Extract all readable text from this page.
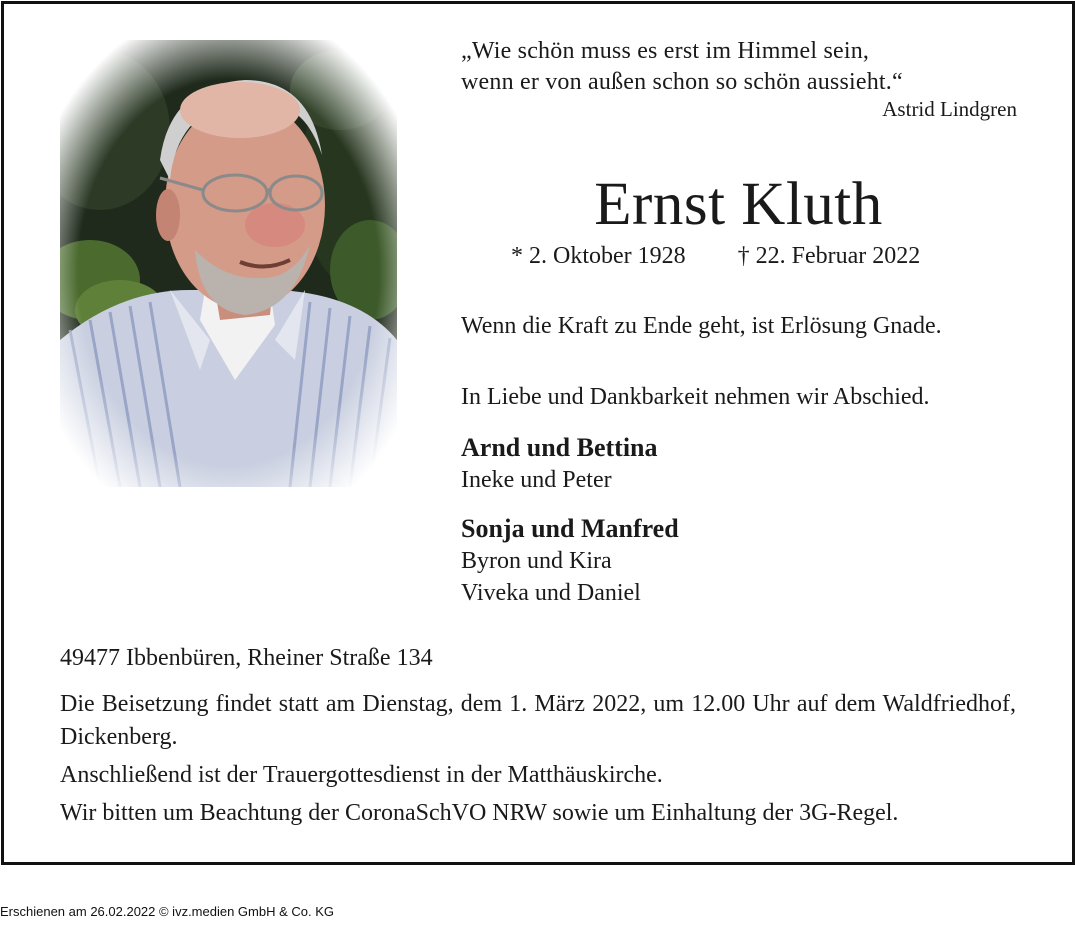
„Wie schön muss es erst im Himmel sein,
wenn er von außen schon so schön aussieht.“
Astrid Lindgren
Ernst Kluth
* 2. Oktober 1928 † 22. Februar 2022
Wenn die Kraft zu Ende geht, ist Erlösung Gnade.
In Liebe und Dankbarkeit nehmen wir Abschied.
Arnd und Bettina
Ineke und Peter
Sonja und Manfred
Byron und Kira
Viveka und Daniel
49477 Ibbenbüren, Rheiner Straße 134
Die Beisetzung findet statt am Dienstag, dem 1. März 2022, um 12.00 Uhr auf dem Waldfriedhof, Dickenberg.
Anschließend ist der Trauergottesdienst in der Matthäuskirche.
Wir bitten um Beachtung der CoronaSchVO NRW sowie um Einhaltung der 3G-Regel.
Erschienen am 26.02.2022 © ivz.medien GmbH & Co. KG
